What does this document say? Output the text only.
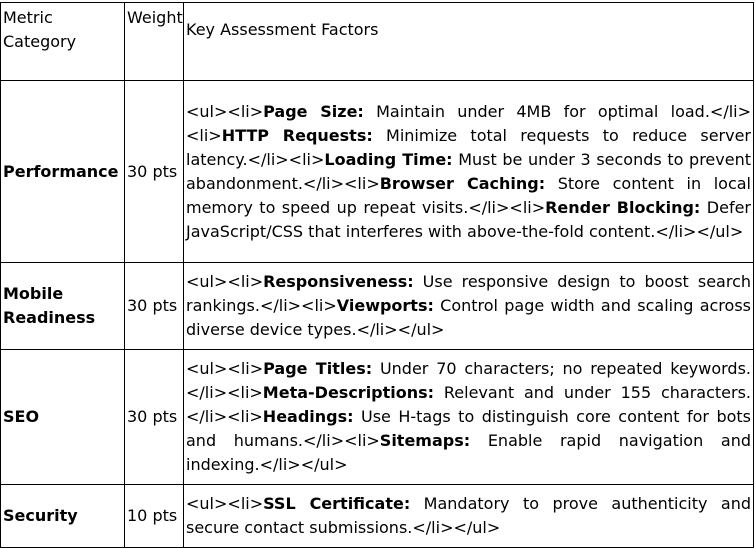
Metric Category	Weight	Key Assessment Factors
Performance	30 pts	<ul><li>Page Size: Maintain under 4MB for optimal load.</li><li>HTTP Requests: Minimize total requests to reduce server latency.</li><li>Loading Time: Must be under 3 seconds to prevent abandonment.</li><li>Browser Caching: Store content in local memory to speed up repeat visits.</li><li>Render Blocking: Defer JavaScript/CSS that interferes with above-the-fold content.</li></ul>
Mobile Readiness	30 pts	<ul><li>Responsiveness: Use responsive design to boost search rankings.</li><li>Viewports: Control page width and scaling across diverse device types.</li></ul>
SEO	30 pts	<ul><li>Page Titles: Under 70 characters; no repeated keywords.</li><li>Meta-Descriptions: Relevant and under 155 characters.</li><li>Headings: Use H-tags to distinguish core content for bots and humans.</li><li>Sitemaps: Enable rapid navigation and indexing.</li></ul>
Security	10 pts	<ul><li>SSL Certificate: Mandatory to prove authenticity and secure contact submissions.</li></ul>
